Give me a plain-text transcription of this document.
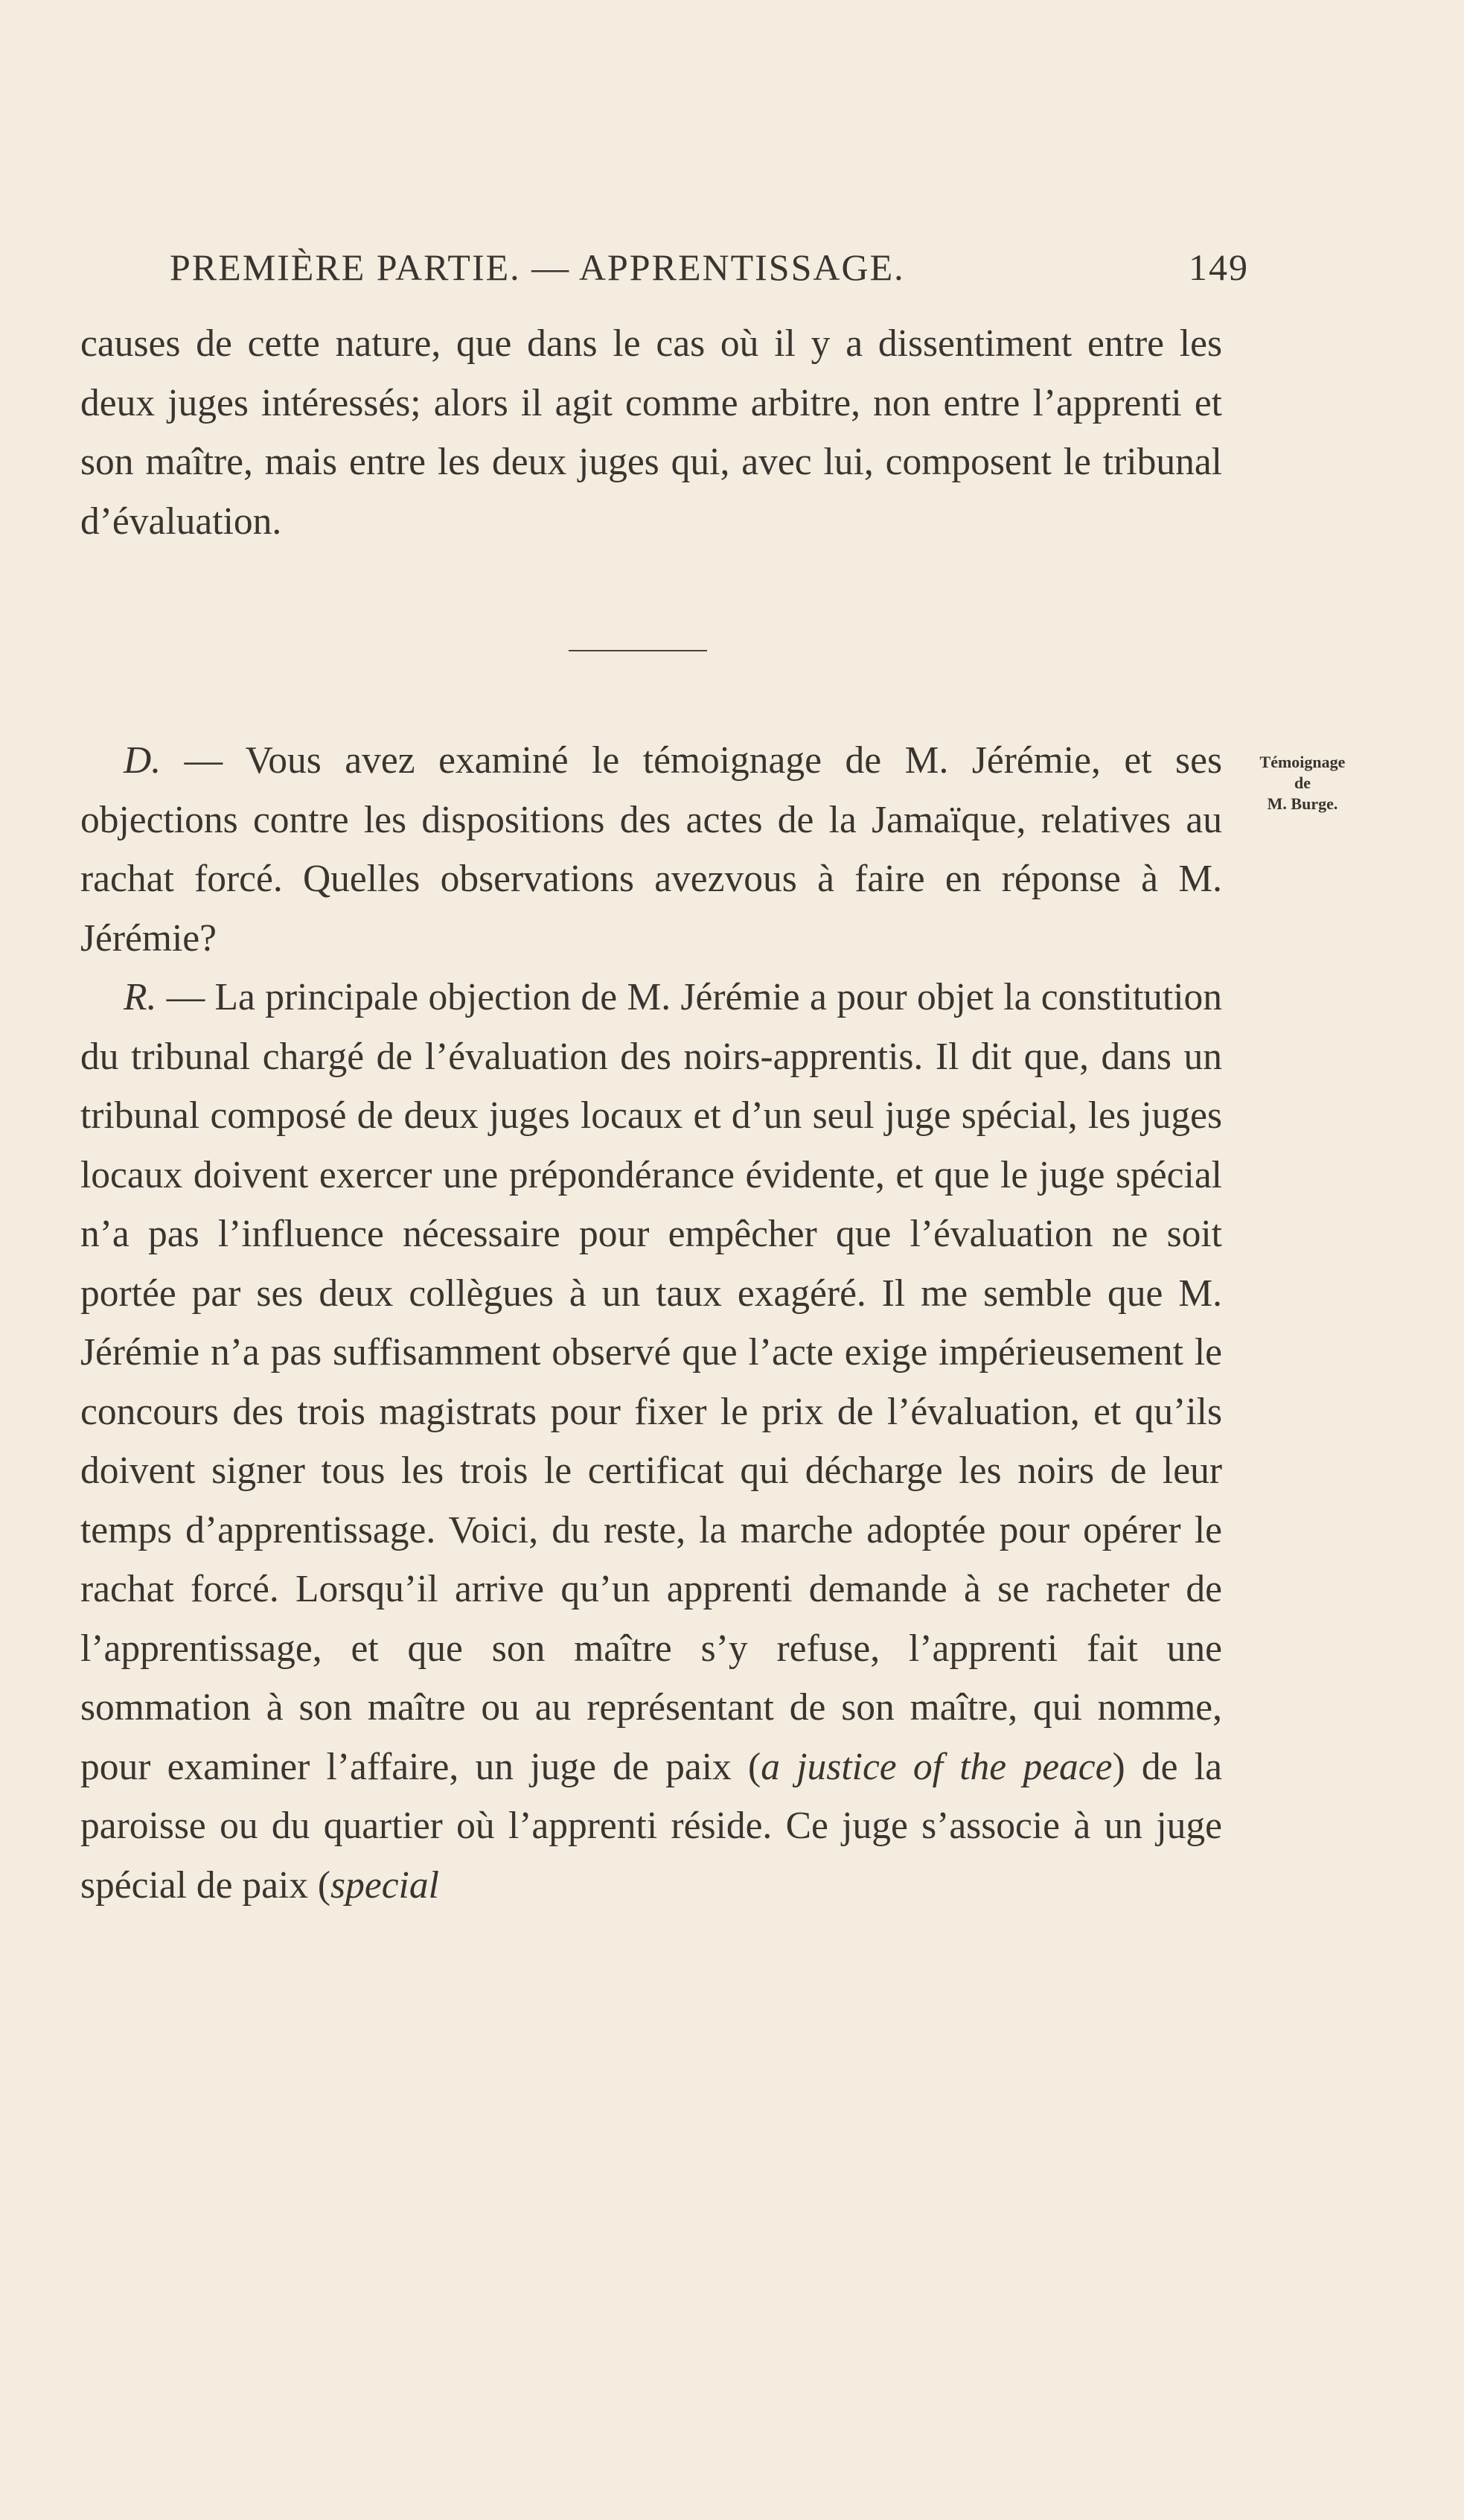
PREMIÈRE PARTIE. — APPRENTISSAGE.	149

causes de cette nature, que dans le cas où il y a dissentiment entre les deux juges intéressés; alors il agit comme arbitre, non entre l’apprenti et son maître, mais entre les deux juges qui, avec lui, composent le tribunal d’évaluation.

D. — Vous avez examiné le témoignage de M. Jérémie, et ses objections contre les dispositions des actes de la Jamaïque, relatives au rachat forcé. Quelles observations avezvous à faire en réponse à M. Jérémie?

R. — La principale objection de M. Jérémie a pour objet la constitution du tribunal chargé de l’évaluation des noirs-apprentis. Il dit que, dans un tribunal composé de deux juges locaux et d’un seul juge spécial, les juges locaux doivent exercer une prépondérance évidente, et que le juge spécial n’a pas l’influence nécessaire pour empêcher que l’évaluation ne soit portée par ses deux collègues à un taux exagéré. Il me semble que M. Jérémie n’a pas suffisamment observé que l’acte exige impérieusement le concours des trois magistrats pour fixer le prix de l’évaluation, et qu’ils doivent signer tous les trois le certificat qui décharge les noirs de leur temps d’apprentissage. Voici, du reste, la marche adoptée pour opérer le rachat forcé. Lorsqu’il arrive qu’un apprenti demande à se racheter de l’apprentissage, et que son maître s’y refuse, l’apprenti fait une sommation à son maître ou au représentant de son maître, qui nomme, pour examiner l’affaire, un juge de paix (a justice of the peace) de la paroisse ou du quartier où l’apprenti réside. Ce juge s’associe à un juge spécial de paix (special

Témoignage
de
M. Burge.
